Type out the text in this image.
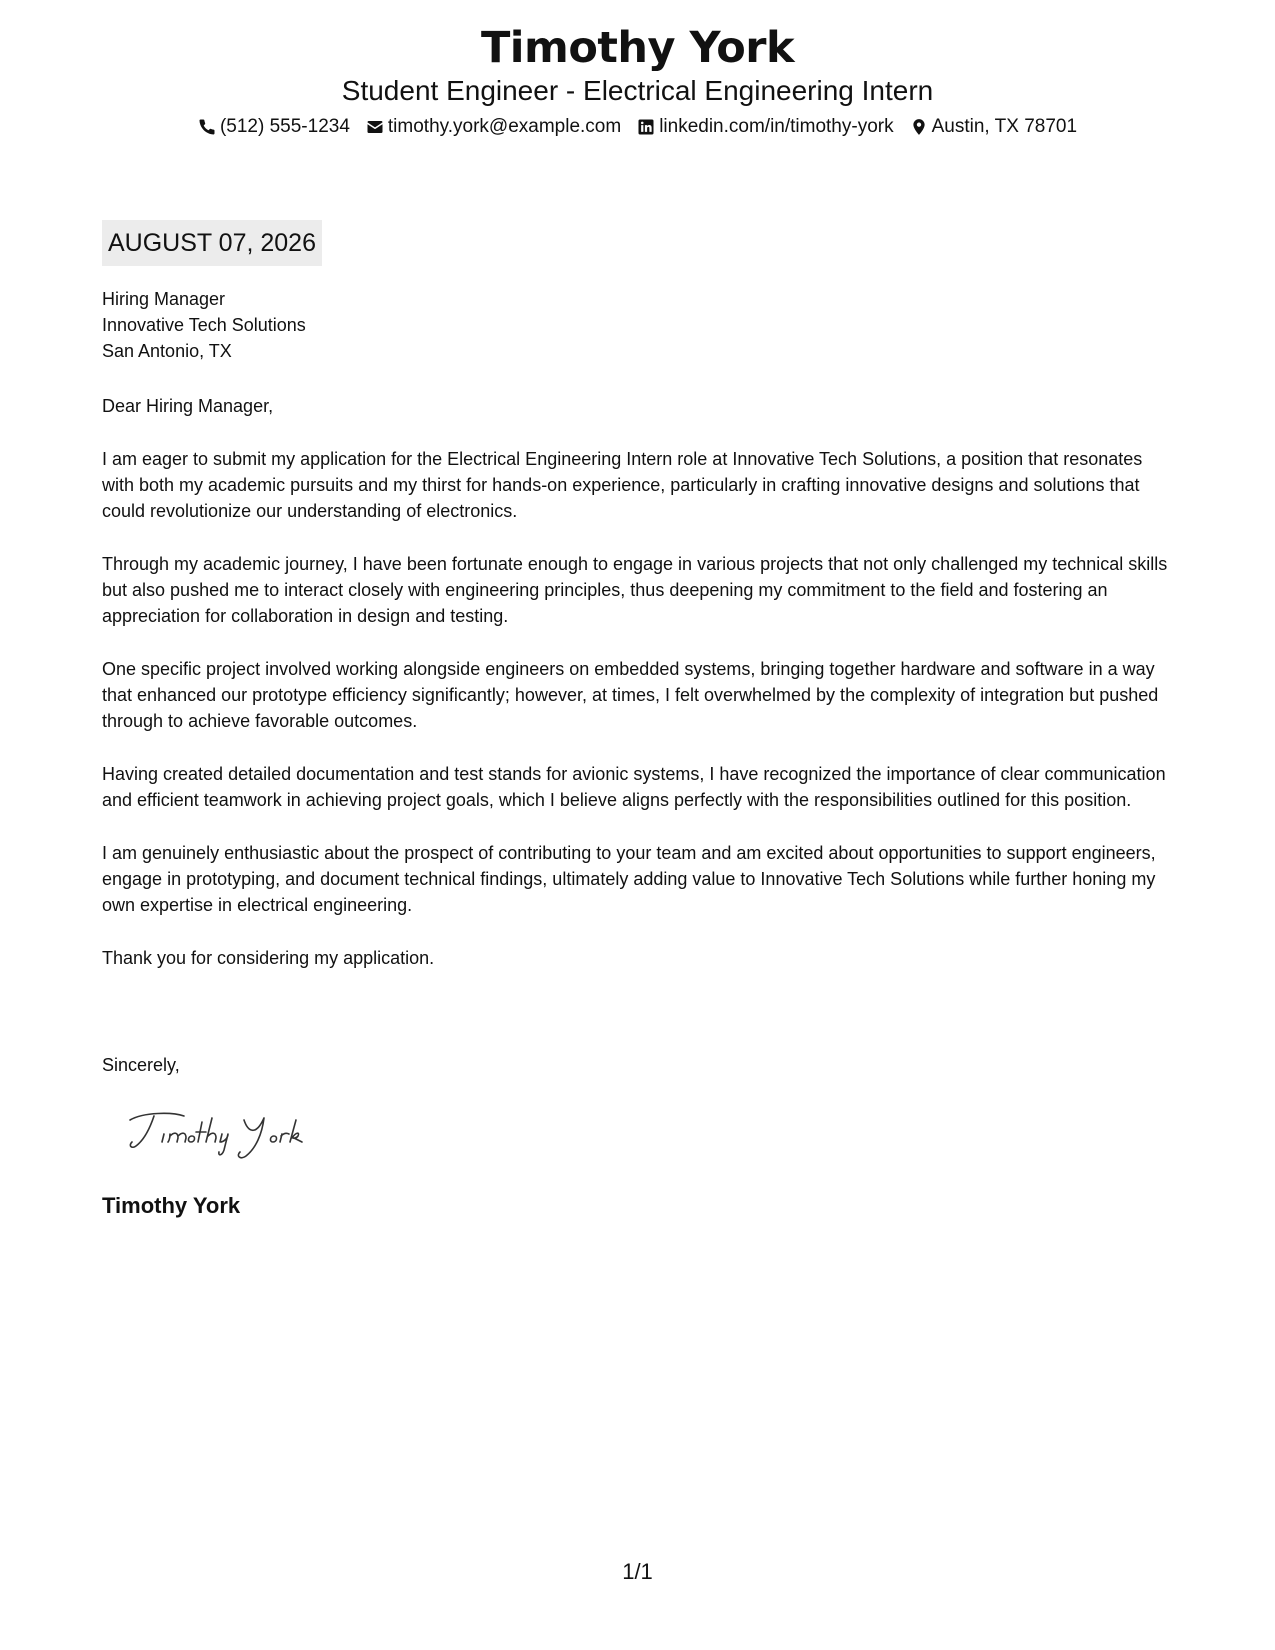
Timothy York
Student Engineer - Electrical Engineering Intern
(512) 555-1234 timothy.york@example.com linkedin.com/in/timothy-york Austin, TX 78701
AUGUST 07, 2026
Hiring Manager
Innovative Tech Solutions
San Antonio, TX

Dear Hiring Manager,

I am eager to submit my application for the Electrical Engineering Intern role at Innovative Tech Solutions, a position that resonates with both my academic pursuits and my thirst for hands-on experience, particularly in crafting innovative designs and solutions that could revolutionize our understanding of electronics.

Through my academic journey, I have been fortunate enough to engage in various projects that not only challenged my technical skills but also pushed me to interact closely with engineering principles, thus deepening my commitment to the field and fostering an appreciation for collaboration in design and testing.

One specific project involved working alongside engineers on embedded systems, bringing together hardware and software in a way that enhanced our prototype efficiency significantly; however, at times, I felt overwhelmed by the complexity of integration but pushed through to achieve favorable outcomes.

Having created detailed documentation and test stands for avionic systems, I have recognized the importance of clear communication and efficient teamwork in achieving project goals, which I believe aligns perfectly with the responsibilities outlined for this position.

I am genuinely enthusiastic about the prospect of contributing to your team and am excited about opportunities to support engineers, engage in prototyping, and document technical findings, ultimately adding value to Innovative Tech Solutions while further honing my own expertise in electrical engineering.

Thank you for considering my application.

Sincerely,
Timothy York
1/1
